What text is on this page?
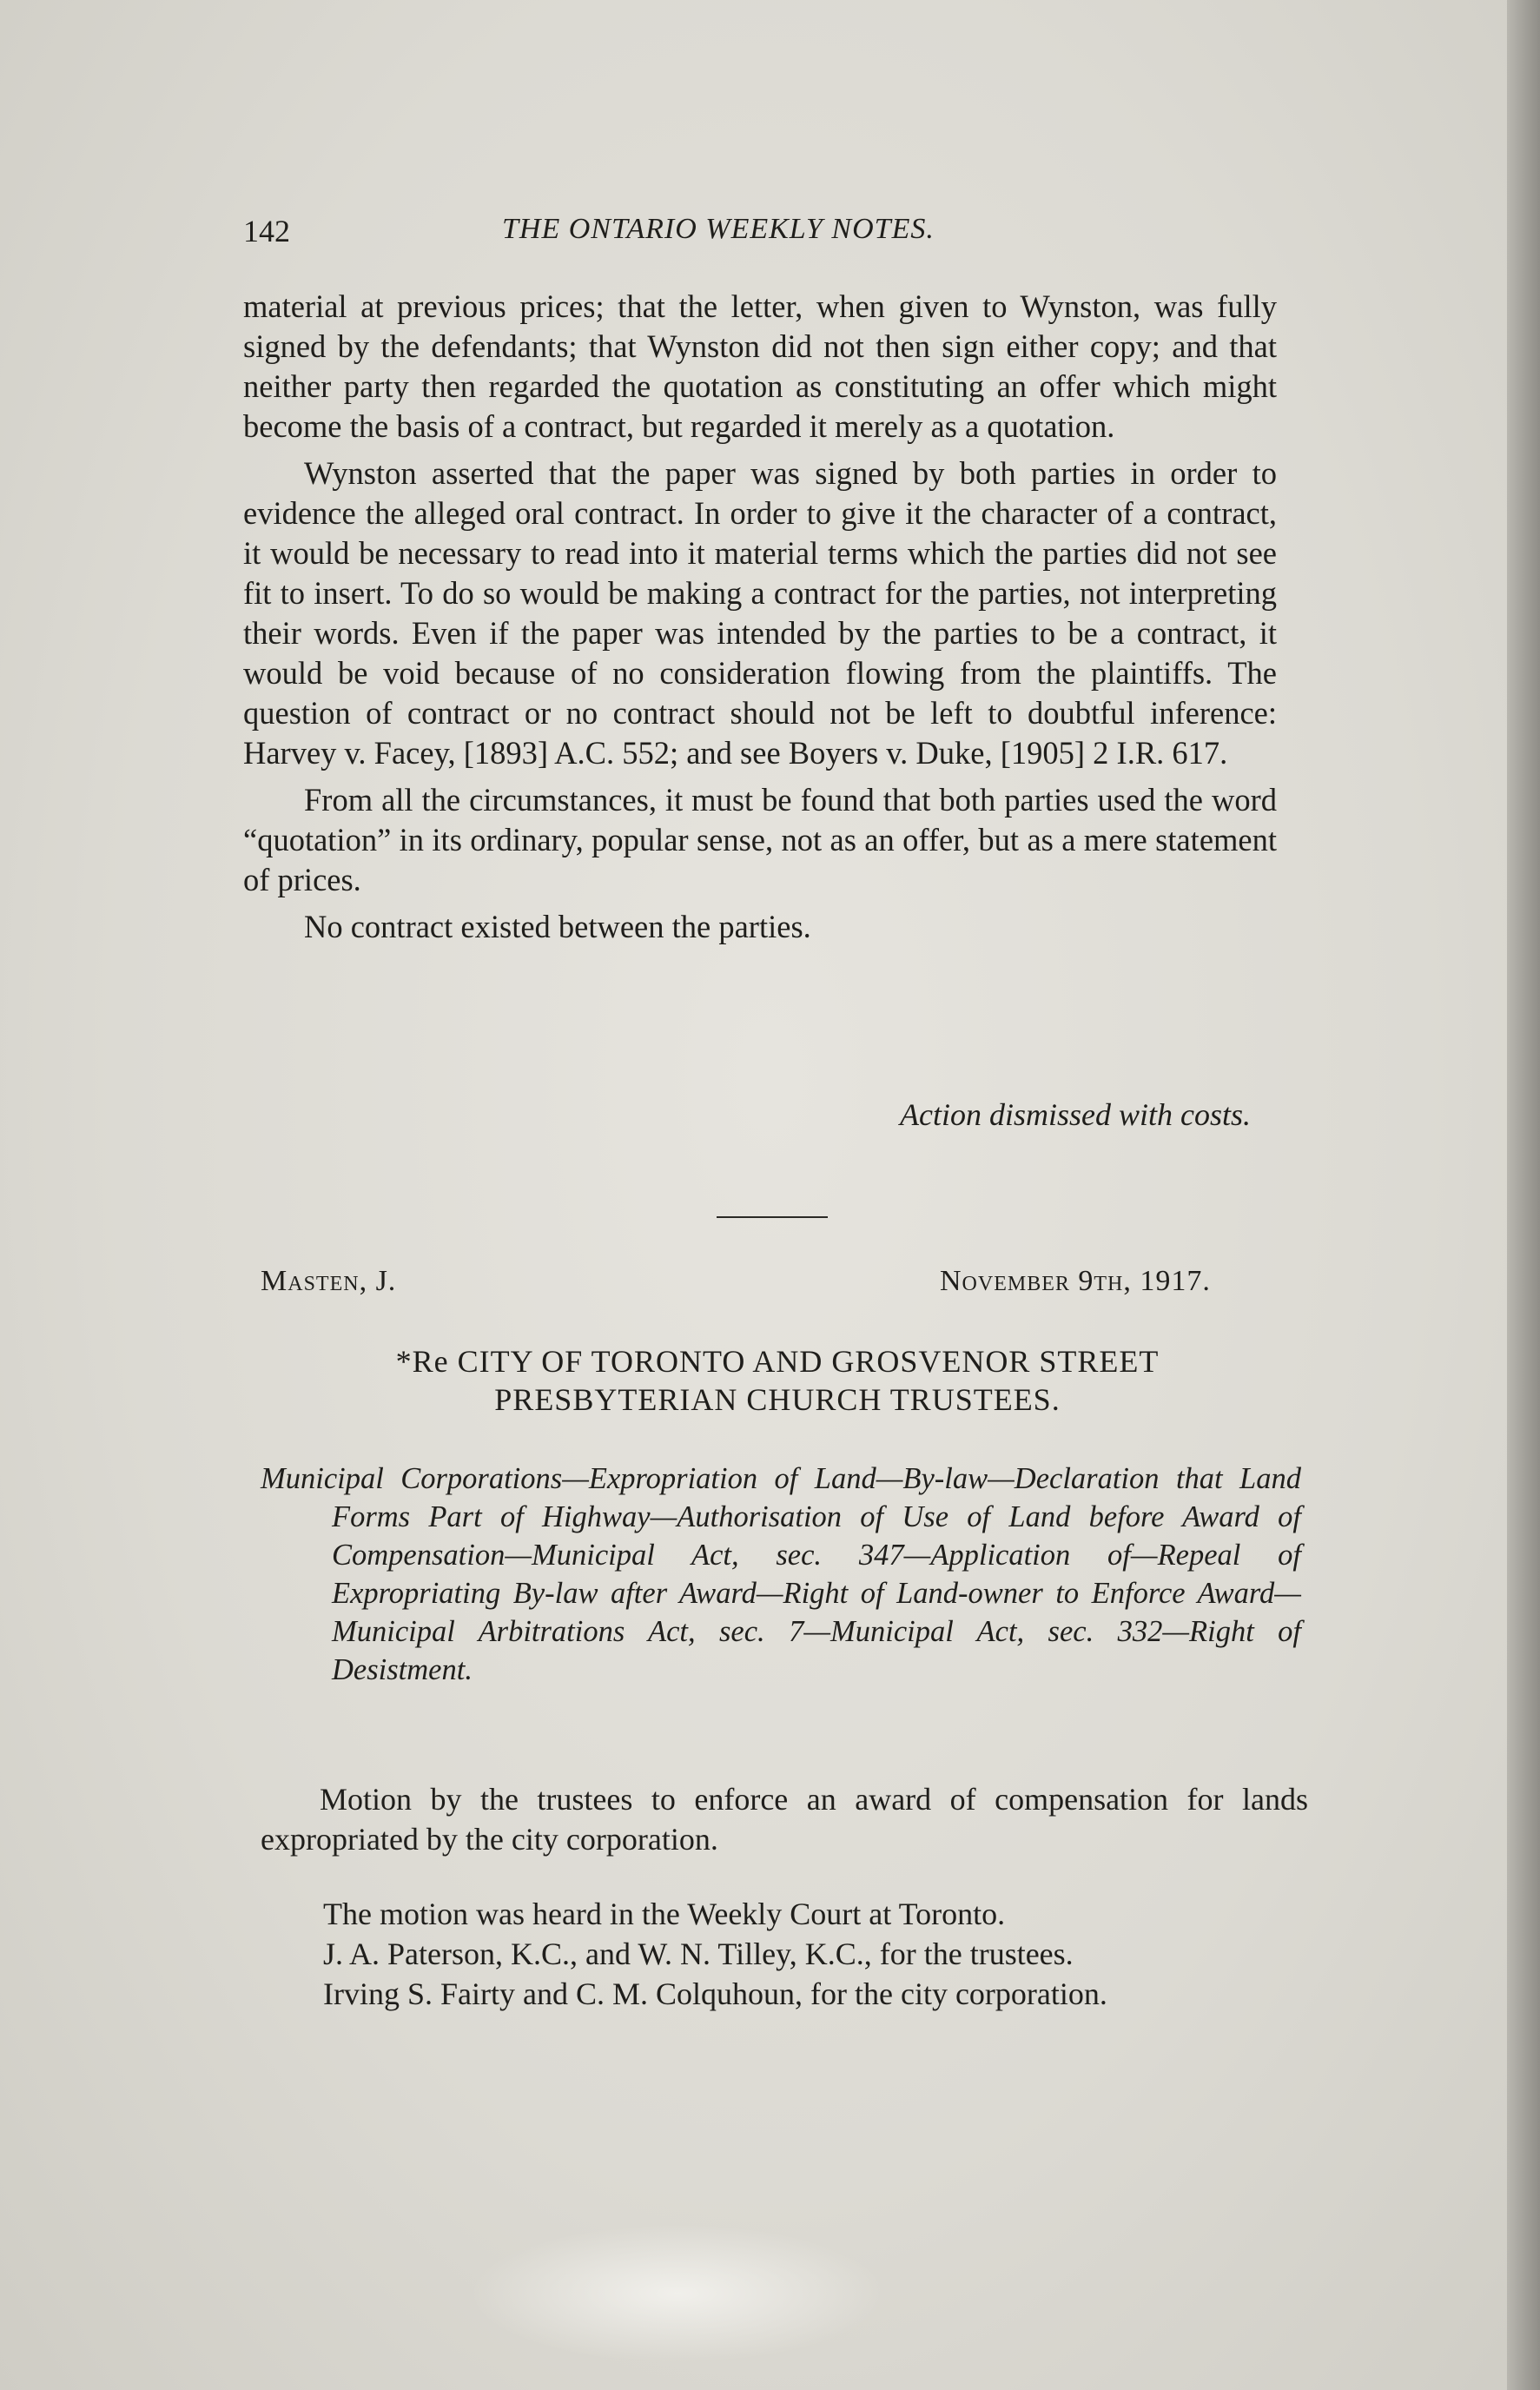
142	THE ONTARIO WEEKLY NOTES.

material at previous prices; that the letter, when given to Wynston, was fully signed by the defendants; that Wynston did not then sign either copy; and that neither party then regarded the quotation as constituting an offer which might become the basis of a contract, but regarded it merely as a quotation.

Wynston asserted that the paper was signed by both parties in order to evidence the alleged oral contract. In order to give it the character of a contract, it would be necessary to read into it material terms which the parties did not see fit to insert. To do so would be making a contract for the parties, not interpreting their words. Even if the paper was intended by the parties to be a contract, it would be void because of no consideration flowing from the plaintiffs. The question of contract or no contract should not be left to doubtful inference: Harvey v. Facey, [1893] A.C. 552; and see Boyers v. Duke, [1905] 2 I.R. 617.

From all the circumstances, it must be found that both parties used the word “quotation” in its ordinary, popular sense, not as an offer, but as a mere statement of prices.

No contract existed between the parties.

Action dismissed with costs.
Masten, J.	November 9th, 1917.
*Re CITY OF TORONTO AND GROSVENOR STREET
PRESBYTERIAN CHURCH TRUSTEES.
Municipal Corporations—Expropriation of Land—By-law—Declaration that Land Forms Part of Highway—Authorisation of Use of Land before Award of Compensation—Municipal Act, sec. 347—Application of—Repeal of Expropriating By-law after Award—Right of Land-owner to Enforce Award—Municipal Arbitrations Act, sec. 7—Municipal Act, sec. 332—Right of Desistment.
Motion by the trustees to enforce an award of compensation for lands expropriated by the city corporation.
The motion was heard in the Weekly Court at Toronto.
J. A. Paterson, K.C., and W. N. Tilley, K.C., for the trustees.
Irving S. Fairty and C. M. Colquhoun, for the city corporation.
